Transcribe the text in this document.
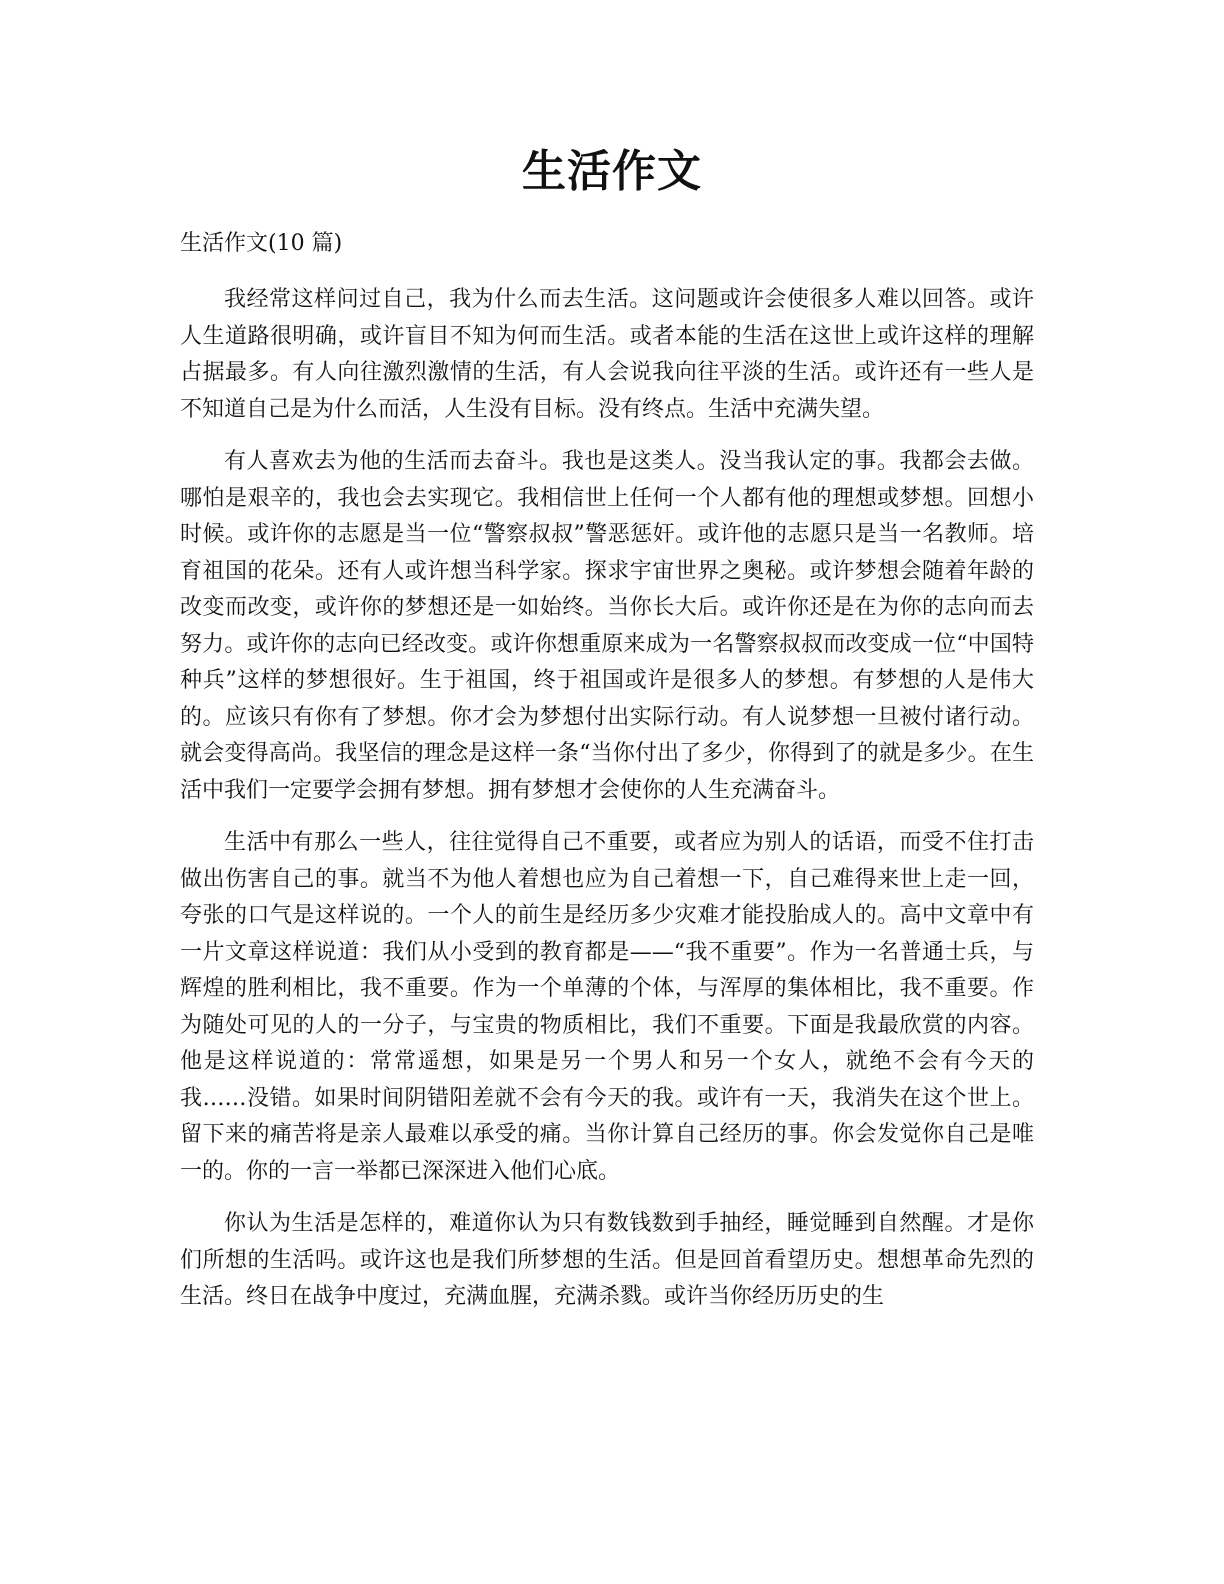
生活作文
生活作文(10 篇)

我经常这样问过自己，我为什么而去生活。这问题或许会使很多人难以回答。或许人生道路很明确，或许盲目不知为何而生活。或者本能的生活在这世上或许这样的理解占据最多。有人向往激烈激情的生活，有人会说我向往平淡的生活。或许还有一些人是不知道自己是为什么而活，人生没有目标。没有终点。生活中充满失望。

有人喜欢去为他的生活而去奋斗。我也是这类人。没当我认定的事。我都会去做。哪怕是艰辛的，我也会去实现它。我相信世上任何一个人都有他的理想或梦想。回想小时候。或许你的志愿是当一位“警察叔叔”警恶惩奸。或许他的志愿只是当一名教师。培育祖国的花朵。还有人或许想当科学家。探求宇宙世界之奥秘。或许梦想会随着年龄的改变而改变，或许你的梦想还是一如始终。当你长大后。或许你还是在为你的志向而去努力。或许你的志向已经改变。或许你想重原来成为一名警察叔叔而改变成一位“中国特种兵”这样的梦想很好。生于祖国，终于祖国或许是很多人的梦想。有梦想的人是伟大的。应该只有你有了梦想。你才会为梦想付出实际行动。有人说梦想一旦被付诸行动。就会变得高尚。我坚信的理念是这样一条“当你付出了多少，你得到了的就是多少。在生活中我们一定要学会拥有梦想。拥有梦想才会使你的人生充满奋斗。

生活中有那么一些人，往往觉得自己不重要，或者应为别人的话语，而受不住打击做出伤害自己的事。就当不为他人着想也应为自己着想一下，自己难得来世上走一回，夸张的口气是这样说的。一个人的前生是经历多少灾难才能投胎成人的。高中文章中有一片文章这样说道：我们从小受到的教育都是——“我不重要”。作为一名普通士兵，与辉煌的胜利相比，我不重要。作为一个单薄的个体，与浑厚的集体相比，我不重要。作为随处可见的人的一分子，与宝贵的物质相比，我们不重要。下面是我最欣赏的内容。他是这样说道的：常常遥想，如果是另一个男人和另一个女人，就绝不会有今天的我……没错。如果时间阴错阳差就不会有今天的我。或许有一天，我消失在这个世上。留下来的痛苦将是亲人最难以承受的痛。当你计算自己经历的事。你会发觉你自己是唯一的。你的一言一举都已深深进入他们心底。

你认为生活是怎样的，难道你认为只有数钱数到手抽经，睡觉睡到自然醒。才是你们所想的生活吗。或许这也是我们所梦想的生活。但是回首看望历史。想想革命先烈的生活。终日在战争中度过，充满血腥，充满杀戮。或许当你经历历史的生
